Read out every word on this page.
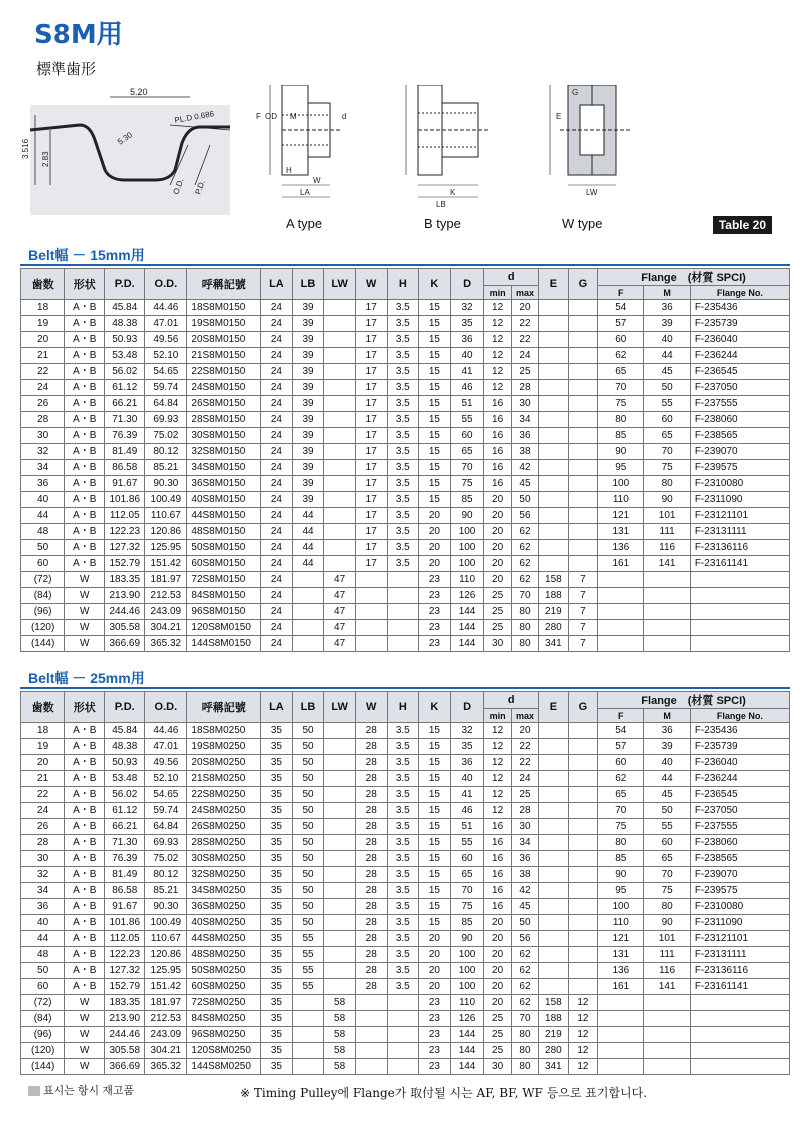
S8M用
標準歯形
5.20
3.516
2.83
5.30
PL.D 0.686
O.D. P.D.
F OD M	d
H
W
LA	K
LB
E
G
LW
A type	B type	W type	Table 20
Belt幅 － 15mm用
歯数	形状	P.D.	O.D.	呼稱記號	LA	LB	LW	W	H	K	D	d		E	G	Flange　(材質 SPCI)		
												min	max			F	M	Flange No.
18	A・B	45.84	44.46	18S8M0150	24	39		17	3.5	15	32	12	20			54	36	F-235436
19	A・B	48.38	47.01	19S8M0150	24	39		17	3.5	15	35	12	22			57	39	F-235739
20	A・B	50.93	49.56	20S8M0150	24	39		17	3.5	15	36	12	22			60	40	F-236040
21	A・B	53.48	52.10	21S8M0150	24	39		17	3.5	15	40	12	24			62	44	F-236244
22	A・B	56.02	54.65	22S8M0150	24	39		17	3.5	15	41	12	25			65	45	F-236545
24	A・B	61.12	59.74	24S8M0150	24	39		17	3.5	15	46	12	28			70	50	F-237050
26	A・B	66.21	64.84	26S8M0150	24	39		17	3.5	15	51	16	30			75	55	F-237555
28	A・B	71.30	69.93	28S8M0150	24	39		17	3.5	15	55	16	34			80	60	F-238060
30	A・B	76.39	75.02	30S8M0150	24	39		17	3.5	15	60	16	36			85	65	F-238565
32	A・B	81.49	80.12	32S8M0150	24	39		17	3.5	15	65	16	38			90	70	F-239070
34	A・B	86.58	85.21	34S8M0150	24	39		17	3.5	15	70	16	42			95	75	F-239575
36	A・B	91.67	90.30	36S8M0150	24	39		17	3.5	15	75	16	45			100	80	F-2310080
40	A・B	101.86	100.49	40S8M0150	24	39		17	3.5	15	85	20	50			110	90	F-2311090
44	A・B	112.05	110.67	44S8M0150	24	44		17	3.5	20	90	20	56			121	101	F-23121101
48	A・B	122.23	120.86	48S8M0150	24	44		17	3.5	20	100	20	62			131	111	F-23131111
50	A・B	127.32	125.95	50S8M0150	24	44		17	3.5	20	100	20	62			136	116	F-23136116
60	A・B	152.79	151.42	60S8M0150	24	44		17	3.5	20	100	20	62			161	141	F-23161141
(72)	W	183.35	181.97	72S8M0150	24		47			23	110	20	62	158	7			
(84)	W	213.90	212.53	84S8M0150	24		47			23	126	25	70	188	7			
(96)	W	244.46	243.09	96S8M0150	24		47			23	144	25	80	219	7			
(120)	W	305.58	304.21	120S8M0150	24		47			23	144	25	80	280	7			
(144)	W	366.69	365.32	144S8M0150	24		47			23	144	30	80	341	7			
Belt幅 － 25mm用
歯数	形状	P.D.	O.D.	呼稱記號	LA	LB	LW	W	H	K	D	d		E	G	Flange　(材質 SPCI)		
												min	max			F	M	Flange No.
18	A・B	45.84	44.46	18S8M0250	35	50		28	3.5	15	32	12	20			54	36	F-235436
19	A・B	48.38	47.01	19S8M0250	35	50		28	3.5	15	35	12	22			57	39	F-235739
20	A・B	50.93	49.56	20S8M0250	35	50		28	3.5	15	36	12	22			60	40	F-236040
21	A・B	53.48	52.10	21S8M0250	35	50		28	3.5	15	40	12	24			62	44	F-236244
22	A・B	56.02	54.65	22S8M0250	35	50		28	3.5	15	41	12	25			65	45	F-236545
24	A・B	61.12	59.74	24S8M0250	35	50		28	3.5	15	46	12	28			70	50	F-237050
26	A・B	66.21	64.84	26S8M0250	35	50		28	3.5	15	51	16	30			75	55	F-237555
28	A・B	71.30	69.93	28S8M0250	35	50		28	3.5	15	55	16	34			80	60	F-238060
30	A・B	76.39	75.02	30S8M0250	35	50		28	3.5	15	60	16	36			85	65	F-238565
32	A・B	81.49	80.12	32S8M0250	35	50		28	3.5	15	65	16	38			90	70	F-239070
34	A・B	86.58	85.21	34S8M0250	35	50		28	3.5	15	70	16	42			95	75	F-239575
36	A・B	91.67	90.30	36S8M0250	35	50		28	3.5	15	75	16	45			100	80	F-2310080
40	A・B	101.86	100.49	40S8M0250	35	50		28	3.5	15	85	20	50			110	90	F-2311090
44	A・B	112.05	110.67	44S8M0250	35	55		28	3.5	20	90	20	56			121	101	F-23121101
48	A・B	122.23	120.86	48S8M0250	35	55		28	3.5	20	100	20	62			131	111	F-23131111
50	A・B	127.32	125.95	50S8M0250	35	55		28	3.5	20	100	20	62			136	116	F-23136116
60	A・B	152.79	151.42	60S8M0250	35	55		28	3.5	20	100	20	62			161	141	F-23161141
(72)	W	183.35	181.97	72S8M0250	35		58			23	110	20	62	158	12			
(84)	W	213.90	212.53	84S8M0250	35		58			23	126	25	70	188	12			
(96)	W	244.46	243.09	96S8M0250	35		58			23	144	25	80	219	12			
(120)	W	305.58	304.21	120S8M0250	35		58			23	144	25	80	280	12			
(144)	W	366.69	365.32	144S8M0250	35		58			23	144	30	80	341	12			
표시는 항시 재고품	※ Timing Pulley에 Flange가 取付될 시는 AF, BF, WF 등으로 표기합니다.
